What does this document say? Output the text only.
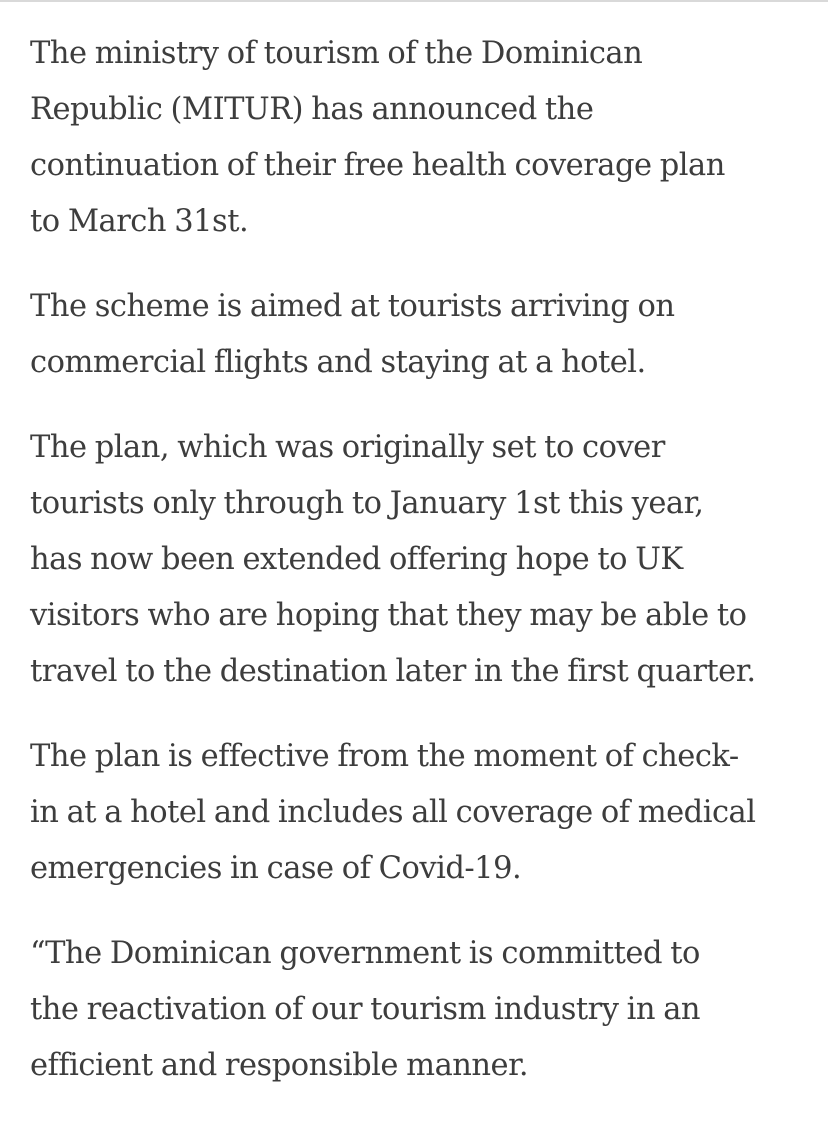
The ministry of tourism of the Dominican
Republic (MITUR) has announced the
continuation of their free health coverage plan
to March 31st.

The scheme is aimed at tourists arriving on
commercial flights and staying at a hotel.

The plan, which was originally set to cover
tourists only through to January 1st this year,
has now been extended offering hope to UK
visitors who are hoping that they may be able to
travel to the destination later in the first quarter.

The plan is effective from the moment of check-
in at a hotel and includes all coverage of medical
emergencies in case of Covid-19.

“The Dominican government is committed to
the reactivation of our tourism industry in an
efficient and responsible manner.
